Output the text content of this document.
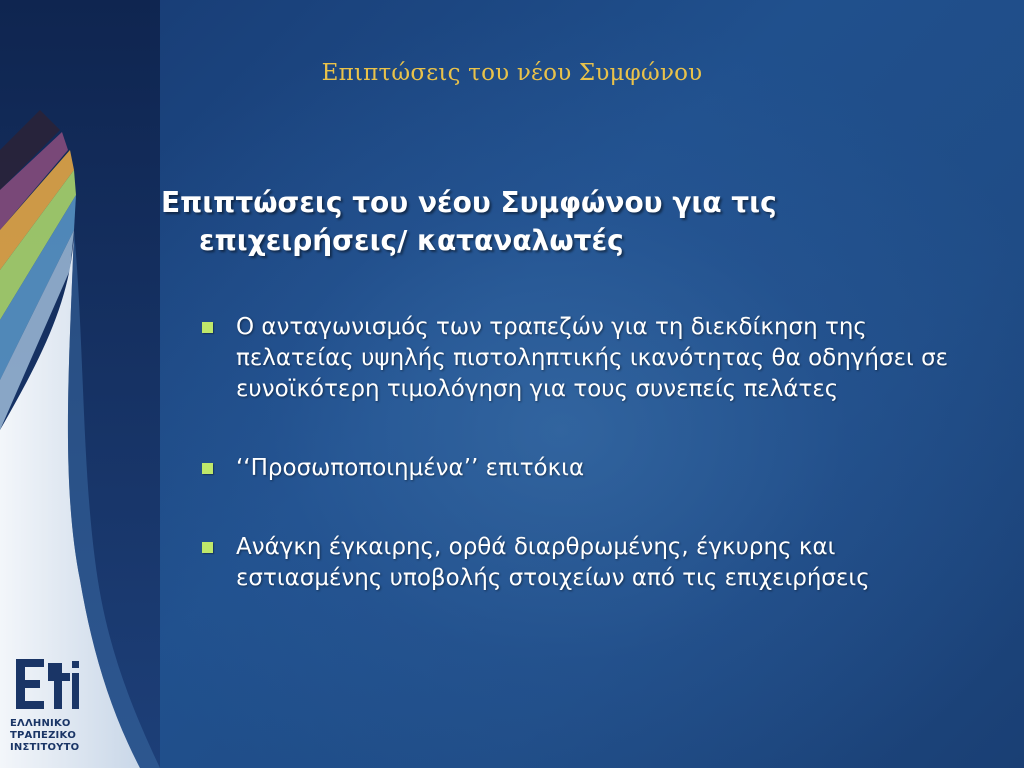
Επιπτώσεις του νέου Συμφώνου
Επιπτώσεις του νέου Συμφώνου για τις
επιχειρήσεις/ καταναλωτές
Ο ανταγωνισμός των τραπεζών για τη διεκδίκηση της πελατείας υψηλής πιστοληπτικής ικανότητας θα οδηγήσει σε ευνοϊκότερη τιμολόγηση για τους συνεπείς πελάτες
‘‘Προσωποποιημένα’’ επιτόκια
Ανάγκη έγκαιρης, ορθά διαρθρωμένης, έγκυρης και εστιασμένης υποβολής στοιχείων από τις επιχειρήσεις
ΕΛΛΗΝΙΚΟ
ΤΡΑΠΕΖΙΚΟ
ΙΝΣΤΙΤΟΥΤΟ
